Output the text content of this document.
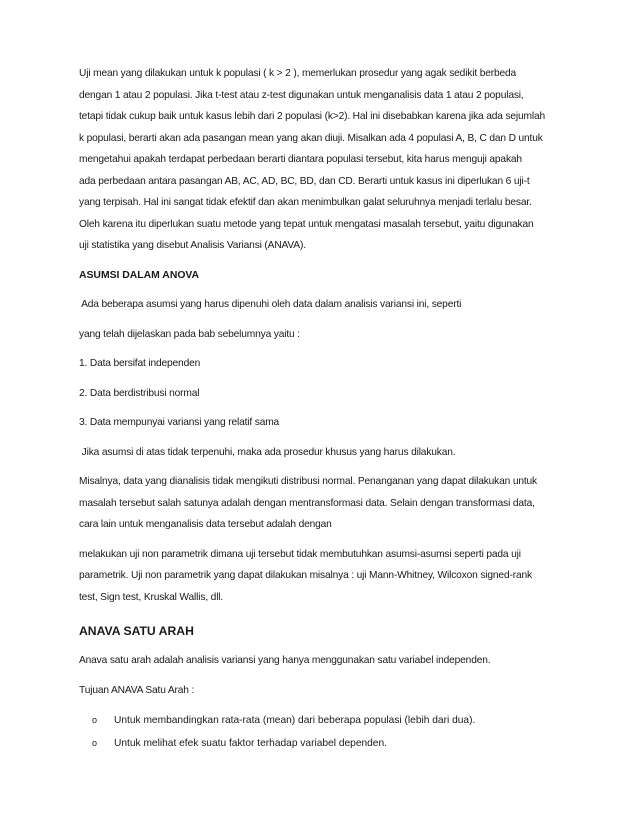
Uji mean yang dilakukan untuk k populasi ( k > 2 ), memerlukan prosedur yang agak sedikit berbeda
dengan 1 atau 2 populasi. Jika t-test atau z-test digunakan untuk menganalisis data 1 atau 2 populasi,
tetapi tidak cukup baik untuk kasus lebih dari 2 populasi (k>2). Hal ini disebabkan karena jika ada sejumlah
k populasi, berarti akan ada pasangan mean yang akan diuji. Misalkan ada 4 populasi A, B, C dan D untuk
mengetahui apakah terdapat perbedaan berarti diantara populasi tersebut, kita harus menguji apakah
ada perbedaan antara pasangan AB, AC, AD, BC, BD, dan CD. Berarti untuk kasus ini diperlukan 6 uji-t
yang terpisah. Hal ini sangat tidak efektif dan akan menimbulkan galat seluruhnya menjadi terlalu besar.
Oleh karena itu diperlukan suatu metode yang tepat untuk mengatasi masalah tersebut, yaitu digunakan
uji statistika yang disebut Analisis Variansi (ANAVA).

ASUMSI DALAM ANOVA

Ada beberapa asumsi yang harus dipenuhi oleh data dalam analisis variansi ini, seperti
yang telah dijelaskan pada bab sebelumnya yaitu :
1. Data bersifat independen
2. Data berdistribusi normal
3. Data mempunyai variansi yang relatif sama
Jika asumsi di atas tidak terpenuhi, maka ada prosedur khusus yang harus dilakukan.
Misalnya, data yang dianalisis tidak mengikuti distribusi normal. Penanganan yang dapat dilakukan untuk
masalah tersebut salah satunya adalah dengan mentransformasi data. Selain dengan transformasi data,
cara lain untuk menganalisis data tersebut adalah dengan
melakukan uji non parametrik dimana uji tersebut tidak membutuhkan asumsi-asumsi seperti pada uji
parametrik. Uji non parametrik yang dapat dilakukan misalnya : uji Mann-Whitney, Wilcoxon signed-rank
test, Sign test, Kruskal Wallis, dll.

ANAVA SATU ARAH

Anava satu arah adalah analisis variansi yang hanya menggunakan satu variabel independen.
Tujuan ANAVA Satu Arah :
o	Untuk membandingkan rata-rata (mean) dari beberapa populasi (lebih dari dua).
o	Untuk melihat efek suatu faktor terhadap variabel dependen.
